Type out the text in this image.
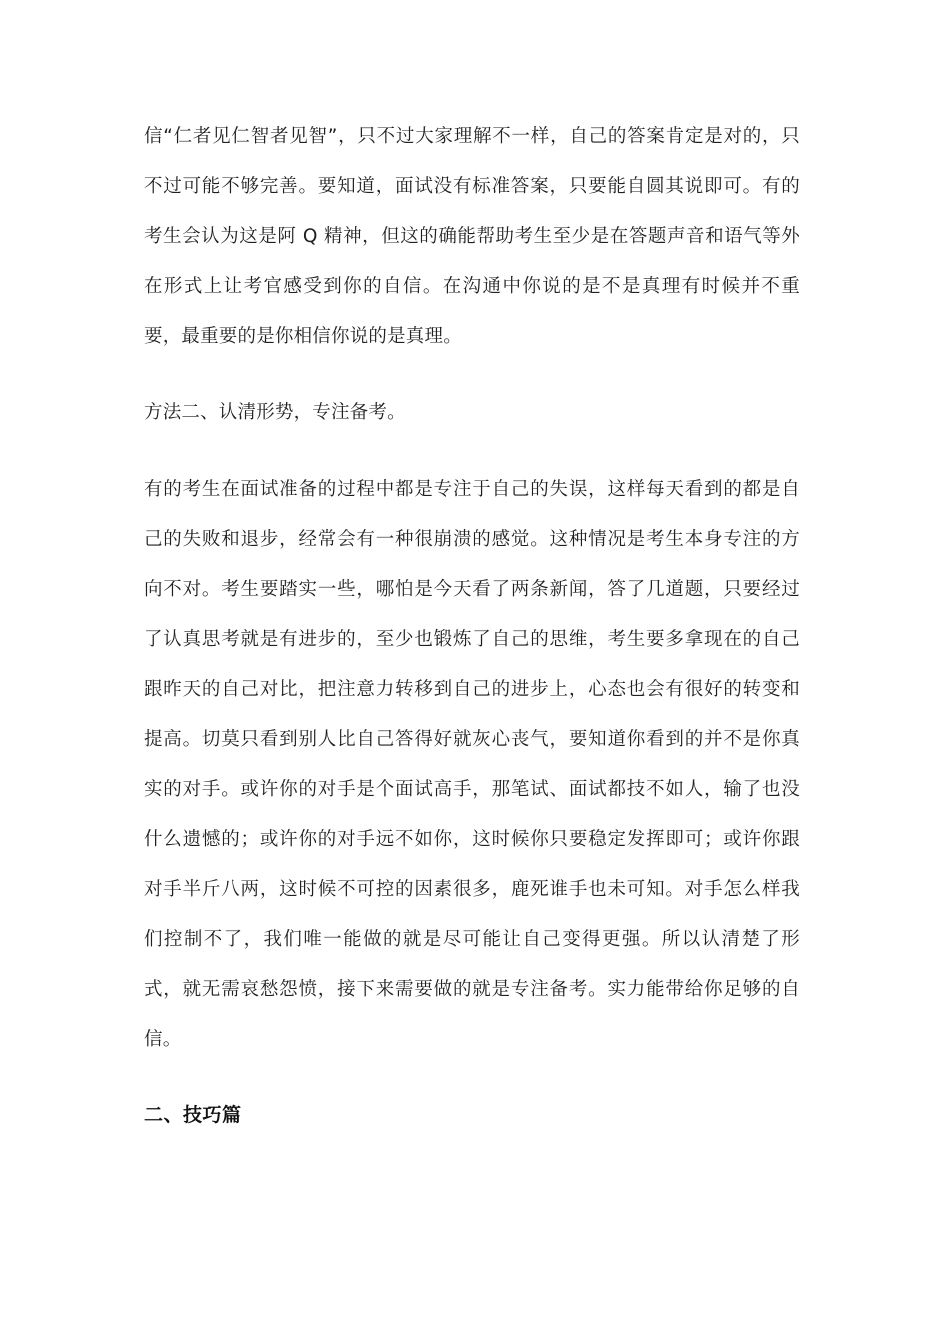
信“仁者见仁智者见智”，只不过大家理解不一样，自己的答案肯定是对的，只
不过可能不够完善。要知道，面试没有标准答案，只要能自圆其说即可。有的
考生会认为这是阿 Q 精神，但这的确能帮助考生至少是在答题声音和语气等外
在形式上让考官感受到你的自信。在沟通中你说的是不是真理有时候并不重
要，最重要的是你相信你说的是真理。

方法二、认清形势，专注备考。

有的考生在面试准备的过程中都是专注于自己的失误，这样每天看到的都是自
己的失败和退步，经常会有一种很崩溃的感觉。这种情况是考生本身专注的方
向不对。考生要踏实一些，哪怕是今天看了两条新闻，答了几道题，只要经过
了认真思考就是有进步的，至少也锻炼了自己的思维，考生要多拿现在的自己
跟昨天的自己对比，把注意力转移到自己的进步上，心态也会有很好的转变和
提高。切莫只看到别人比自己答得好就灰心丧气，要知道你看到的并不是你真
实的对手。或许你的对手是个面试高手，那笔试、面试都技不如人，输了也没
什么遗憾的；或许你的对手远不如你，这时候你只要稳定发挥即可；或许你跟
对手半斤八两，这时候不可控的因素很多，鹿死谁手也未可知。对手怎么样我
们控制不了，我们唯一能做的就是尽可能让自己变得更强。所以认清楚了形
式，就无需哀愁怨愤，接下来需要做的就是专注备考。实力能带给你足够的自
信。
二、技巧篇
